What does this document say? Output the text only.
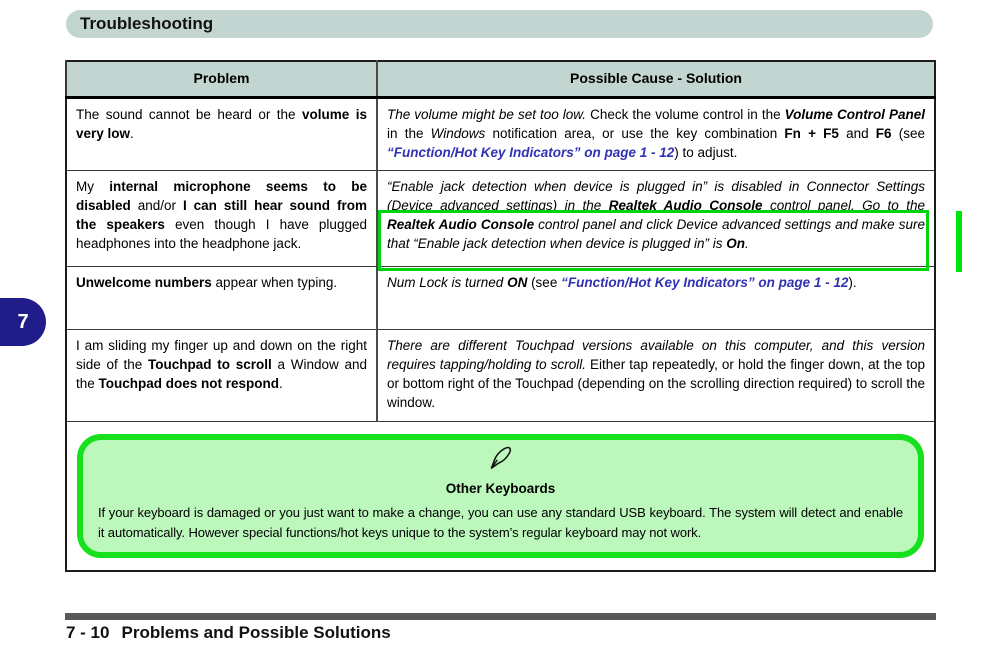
Troubleshooting
Problem	Possible Cause - Solution
The sound cannot be heard or the volume is very low.	The volume might be set too low. Check the volume control in the Volume Control Panel in the Windows notification area, or use the key combination Fn + F5 and F6 (see “Function/Hot Key Indicators” on page 1 - 12) to adjust.
My internal microphone seems to be disabled and/or I can still hear sound from the speakers even though I have plugged headphones into the headphone jack.	“Enable jack detection when device is plugged in” is disabled in Connector Settings (Device advanced settings) in the Realtek Audio Console control panel. Go to the Realtek Audio Console control panel and click Device advanced settings and make sure that “Enable jack detection when device is plugged in” is On.

Unwelcome numbers appear when typing.	Num Lock is turned ON (see “Function/Hot Key Indicators” on page 1 - 12).
I am sliding my finger up and down on the right side of the Touchpad to scroll a Window and the Touchpad does not respond.	There are different Touchpad versions available on this computer, and this version requires tapping/holding to scroll. Either tap repeatedly, or hold the finger down, at the top or bottom right of the Touchpad (depending on the scrolling direction required) to scroll the window.

Other Keyboards
If your keyboard is damaged or you just want to make a change, you can use any standard USB keyboard. The system will detect and enable it automatically. However special functions/hot keys unique to the system’s regular keyboard may not work.	
7
7 - 10 Problems and Possible Solutions
